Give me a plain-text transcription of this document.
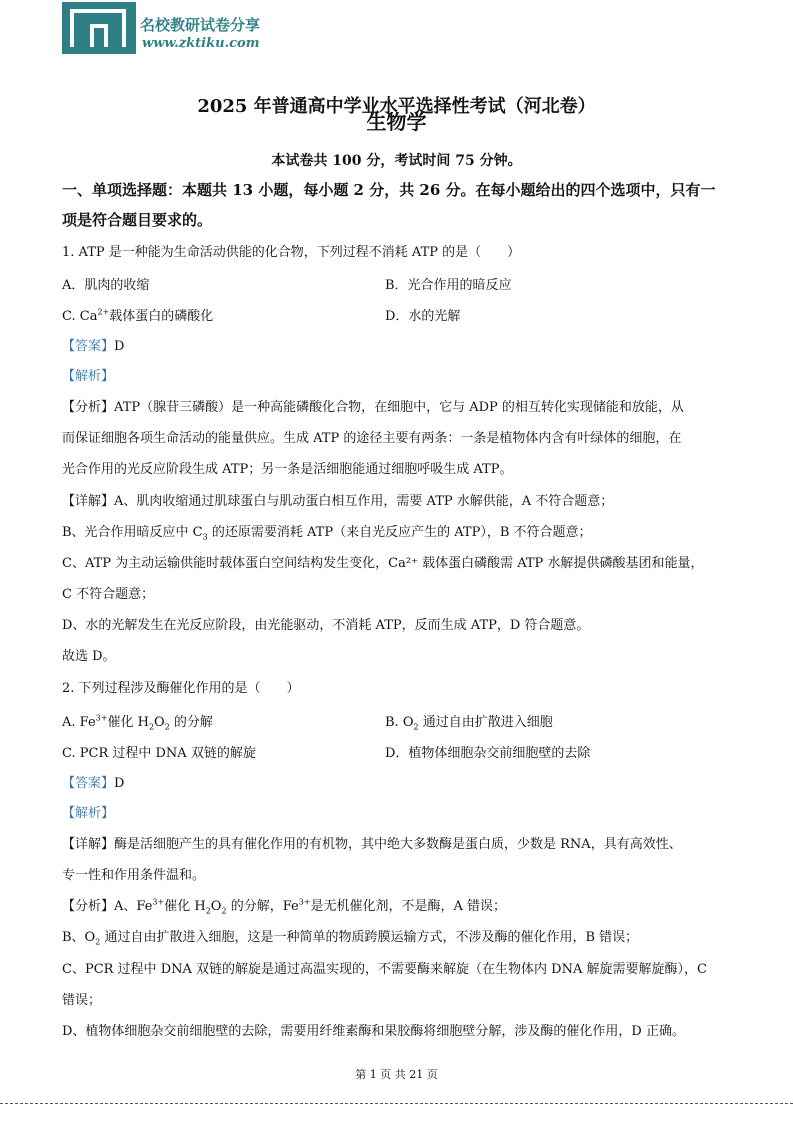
名校教研试卷分享
www.zktiku.com
2025 年普通高中学业水平选择性考试（河北卷）
生物学
本试卷共 100 分，考试时间 75 分钟。
一、单项选择题：本题共 13 小题，每小题 2 分，共 26 分。在每小题给出的四个选项中，只有一
项是符合题目要求的。
1. ATP 是一种能为生命活动供能的化合物，下列过程不消耗 ATP 的是（　　）
A．肌肉的收缩	B．光合作用的暗反应
C. $Ca^{2+}$载体蛋白的磷酸化	D．水的光解
【答案】D
【解析】
【分析】ATP（腺苷三磷酸）是一种高能磷酸化合物，在细胞中，它与 ADP 的相互转化实现储能和放能，从
而保证细胞各项生命活动的能量供应。生成 ATP 的途径主要有两条：一条是植物体内含有叶绿体的细胞，在
光合作用的光反应阶段生成 ATP；另一条是活细胞能通过细胞呼吸生成 ATP。
【详解】A、肌肉收缩通过肌球蛋白与肌动蛋白相互作用，需要 ATP 水解供能，A 不符合题意；
B、光合作用暗反应中 $C_3$ 的还原需要消耗 ATP（来自光反应产生的 ATP），B 不符合题意；
C、ATP 为主动运输供能时载体蛋白空间结构发生变化，Ca²⁺ 载体蛋白磷酸需 ATP 水解提供磷酸基团和能量，
C 不符合题意；
D、水的光解发生在光反应阶段，由光能驱动，不消耗 ATP，反而生成 ATP，D 符合题意。
故选 D。
2. 下列过程涉及酶催化作用的是（　　）
A. $Fe^{3+}$催化 $H_2O_2$ 的分解	B. $O_2$ 通过自由扩散进入细胞
C. PCR 过程中 DNA 双链的解旋	D．植物体细胞杂交前细胞壁的去除
【答案】D
【解析】
【详解】酶是活细胞产生的具有催化作用的有机物，其中绝大多数酶是蛋白质，少数是 RNA，具有高效性、
专一性和作用条件温和。
【分析】A、$Fe^{3+}$催化 $H_2O_2$ 的分解，$Fe^{3+}$是无机催化剂，不是酶，A 错误；
B、$O_2$ 通过自由扩散进入细胞，这是一种简单的物质跨膜运输方式，不涉及酶的催化作用，B 错误；
C、PCR 过程中 DNA 双链的解旋是通过高温实现的，不需要酶来解旋（在生物体内 DNA 解旋需要解旋酶），C
错误；
D、植物体细胞杂交前细胞壁的去除，需要用纤维素酶和果胶酶将细胞壁分解，涉及酶的催化作用，D 正确。
第 1 页 共 21 页
